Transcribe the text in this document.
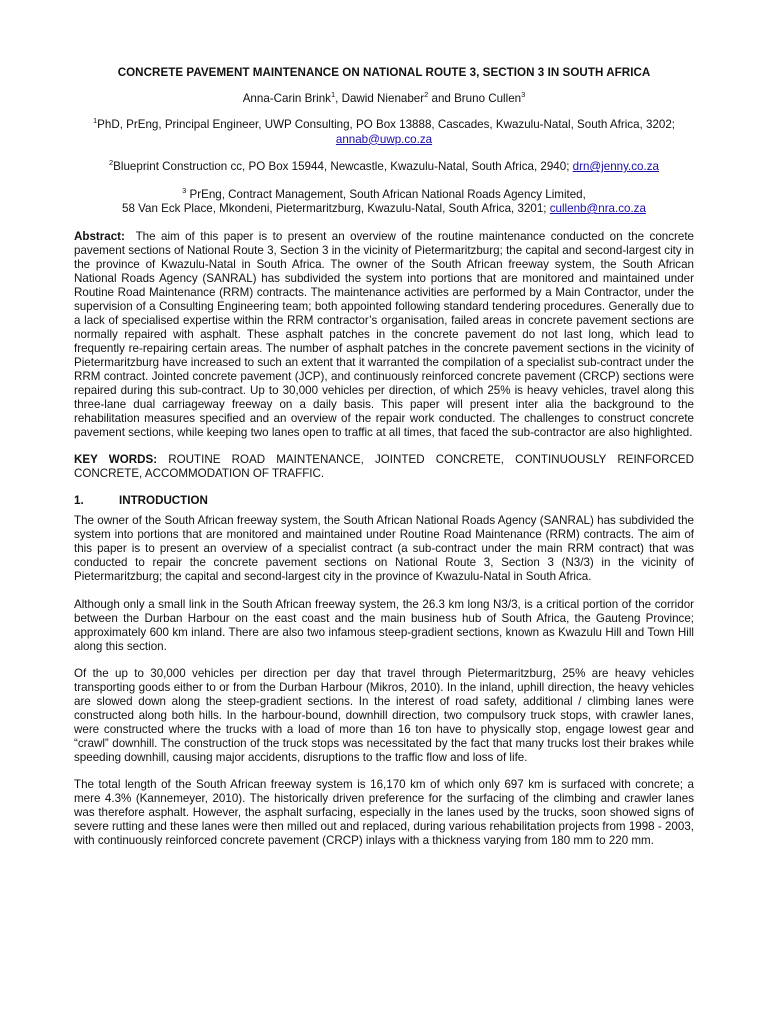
CONCRETE PAVEMENT MAINTENANCE ON NATIONAL ROUTE 3, SECTION 3 IN SOUTH AFRICA
Anna-Carin Brink$^1$, Dawid Nienaber$^2$ and Bruno Cullen$^3$
$^1$PhD, PrEng, Principal Engineer, UWP Consulting, PO Box 13888, Cascades, Kwazulu-Natal, South Africa, 3202; annab@uwp.co.za
$^2$Blueprint Construction cc, PO Box 15944, Newcastle, Kwazulu-Natal, South Africa, 2940; drn@jenny.co.za
$^3$ PrEng, Contract Management, South African National Roads Agency Limited,
58 Van Eck Place, Mkondeni, Pietermaritzburg, Kwazulu-Natal, South Africa, 3201; cullenb@nra.co.za
Abstract: The aim of this paper is to present an overview of the routine maintenance conducted on the concrete pavement sections of National Route 3, Section 3 in the vicinity of Pietermaritzburg; the capital and second-largest city in the province of Kwazulu-Natal in South Africa. The owner of the South African freeway system, the South African National Roads Agency (SANRAL) has subdivided the system into portions that are monitored and maintained under Routine Road Maintenance (RRM) contracts. The maintenance activities are performed by a Main Contractor, under the supervision of a Consulting Engineering team; both appointed following standard tendering procedures. Generally due to a lack of specialised expertise within the RRM contractor’s organisation, failed areas in concrete pavement sections are normally repaired with asphalt. These asphalt patches in the concrete pavement do not last long, which lead to frequently re-repairing certain areas. The number of asphalt patches in the concrete pavement sections in the vicinity of Pietermaritzburg have increased to such an extent that it warranted the compilation of a specialist sub-contract under the RRM contract. Jointed concrete pavement (JCP), and continuously reinforced concrete pavement (CRCP) sections were repaired during this sub-contract. Up to 30,000 vehicles per direction, of which 25% is heavy vehicles, travel along this three-lane dual carriageway freeway on a daily basis. This paper will present inter alia the background to the rehabilitation measures specified and an overview of the repair work conducted. The challenges to construct concrete pavement sections, while keeping two lanes open to traffic at all times, that faced the sub-contractor are also highlighted.
KEY WORDS: ROUTINE ROAD MAINTENANCE, JOINTED CONCRETE, CONTINUOUSLY REINFORCED CONCRETE, ACCOMMODATION OF TRAFFIC.
1.	INTRODUCTION
The owner of the South African freeway system, the South African National Roads Agency (SANRAL) has subdivided the system into portions that are monitored and maintained under Routine Road Maintenance (RRM) contracts. The aim of this paper is to present an overview of a specialist contract (a sub-contract under the main RRM contract) that was conducted to repair the concrete pavement sections on National Route 3, Section 3 (N3/3) in the vicinity of Pietermaritzburg; the capital and second-largest city in the province of Kwazulu-Natal in South Africa.
Although only a small link in the South African freeway system, the 26.3 km long N3/3, is a critical portion of the corridor between the Durban Harbour on the east coast and the main business hub of South Africa, the Gauteng Province; approximately 600 km inland. There are also two infamous steep-gradient sections, known as Kwazulu Hill and Town Hill along this section.
Of the up to 30,000 vehicles per direction per day that travel through Pietermaritzburg, 25% are heavy vehicles transporting goods either to or from the Durban Harbour (Mikros, 2010). In the inland, uphill direction, the heavy vehicles are slowed down along the steep-gradient sections. In the interest of road safety, additional / climbing lanes were constructed along both hills. In the harbour-bound, downhill direction, two compulsory truck stops, with crawler lanes, were constructed where the trucks with a load of more than 16 ton have to physically stop, engage lowest gear and “crawl” downhill. The construction of the truck stops was necessitated by the fact that many trucks lost their brakes while speeding downhill, causing major accidents, disruptions to the traffic flow and loss of life.
The total length of the South African freeway system is 16,170 km of which only 697 km is surfaced with concrete; a mere 4.3% (Kannemeyer, 2010). The historically driven preference for the surfacing of the climbing and crawler lanes was therefore asphalt. However, the asphalt surfacing, especially in the lanes used by the trucks, soon showed signs of severe rutting and these lanes were then milled out and replaced, during various rehabilitation projects from 1998 - 2003, with continuously reinforced concrete pavement (CRCP) inlays with a thickness varying from 180 mm to 220 mm.
